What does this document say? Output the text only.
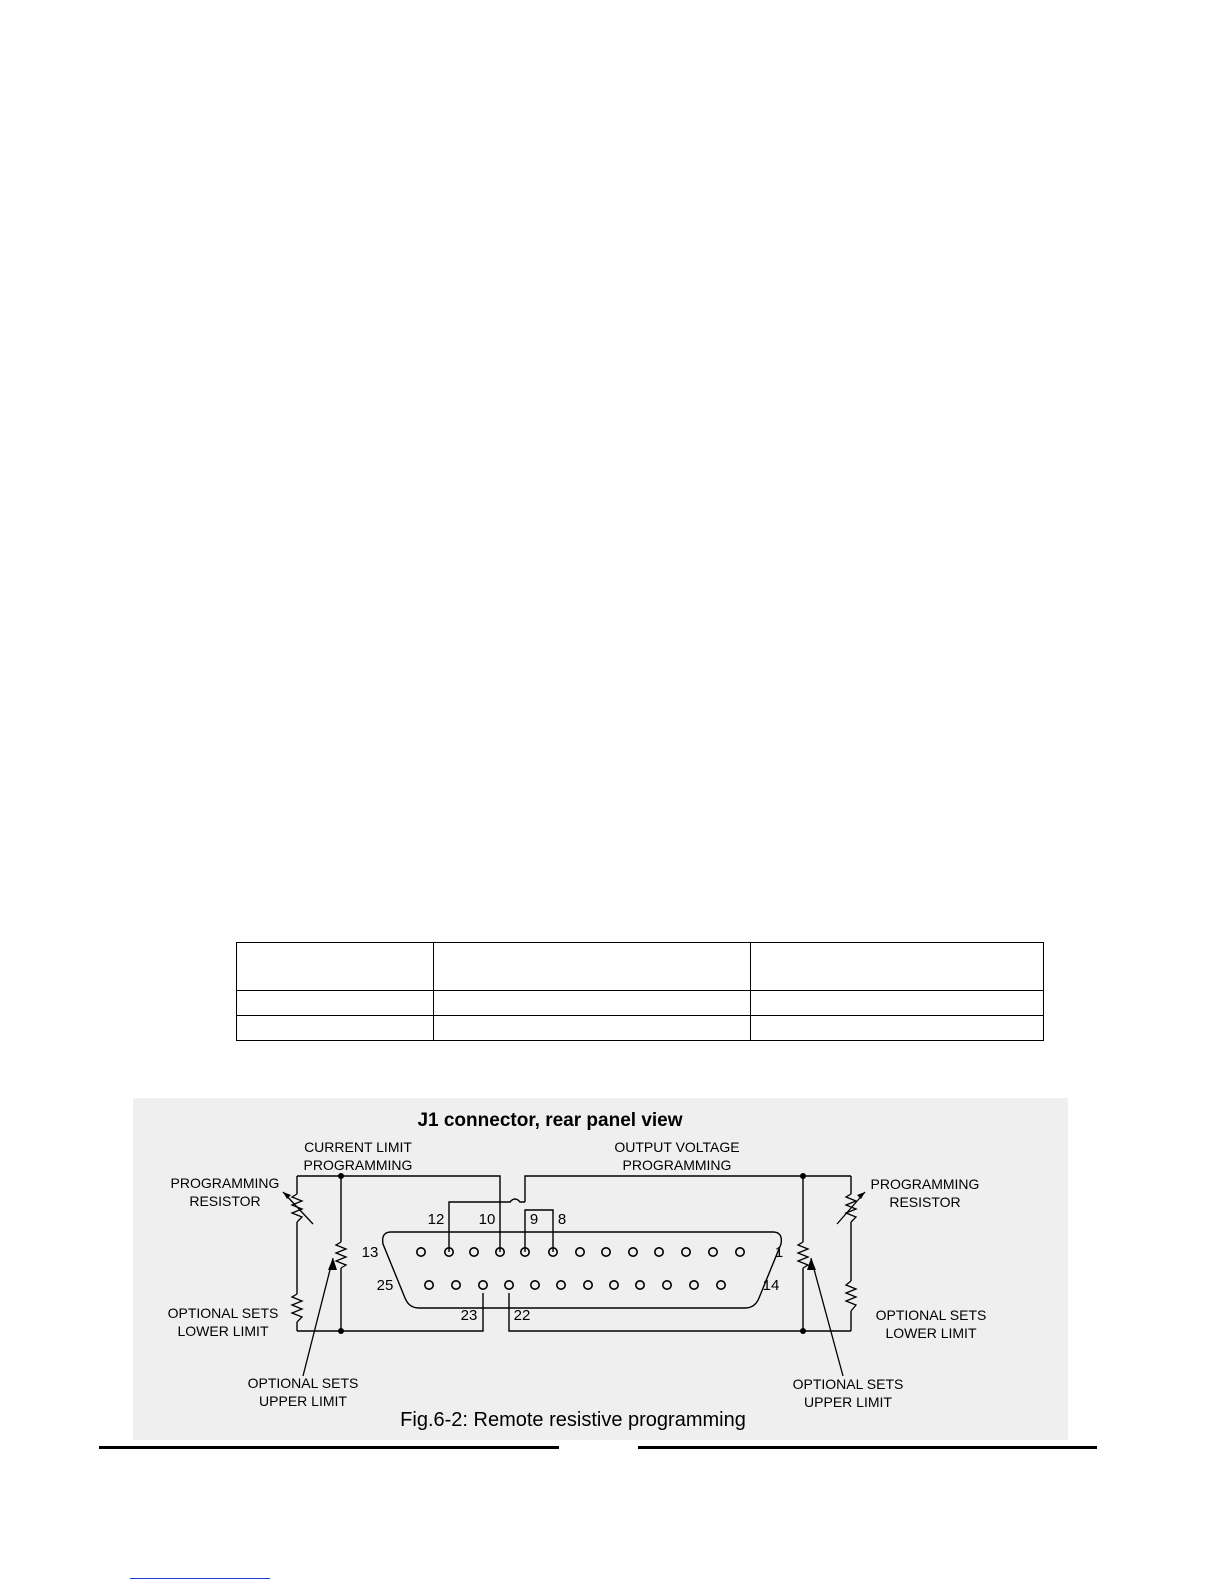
J1 connector, rear panel view
CURRENT LIMIT
PROGRAMMING
OUTPUT VOLTAGE
PROGRAMMING
PROGRAMMING
RESISTOR
PROGRAMMING
RESISTOR
OPTIONAL SETS
LOWER LIMIT
OPTIONAL SETS
LOWER LIMIT
OPTIONAL SETS
UPPER LIMIT
OPTIONAL SETS
UPPER LIMIT
12 10 9 8
13	1
25	14
23 22
Fig.6-2: Remote resistive programming
